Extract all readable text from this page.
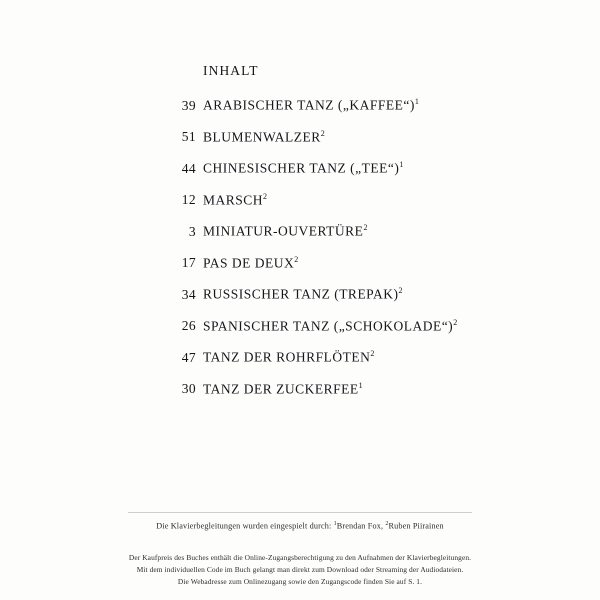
INHALT
39 ARABISCHER TANZ („KAFFEE“)$^1$
51 BLUMENWALZER$^2$
44 CHINESISCHER TANZ („TEE“)$^1$
12 MARSCH$^2$
3 MINIATUR-OUVERTÜRE$^2$
17 PAS DE DEUX$^2$
34 RUSSISCHER TANZ (TREPAK)$^2$
26 SPANISCHER TANZ („SCHOKOLADE“)$^2$
47 TANZ DER ROHRFLÖTEN$^2$
30 TANZ DER ZUCKERFEE$^1$
Die Klavierbegleitungen wurden eingespielt durch: $^1$Brendan Fox, $^2$Ruben Piirainen
Der Kaufpreis des Buches enthält die Online-Zugangsberechtigung zu den Aufnahmen der Klavierbegleitungen.
Mit dem individuellen Code im Buch gelangt man direkt zum Download oder Streaming der Audiodateien.
Die Webadresse zum Onlinezugang sowie den Zugangscode finden Sie auf S. 1.
